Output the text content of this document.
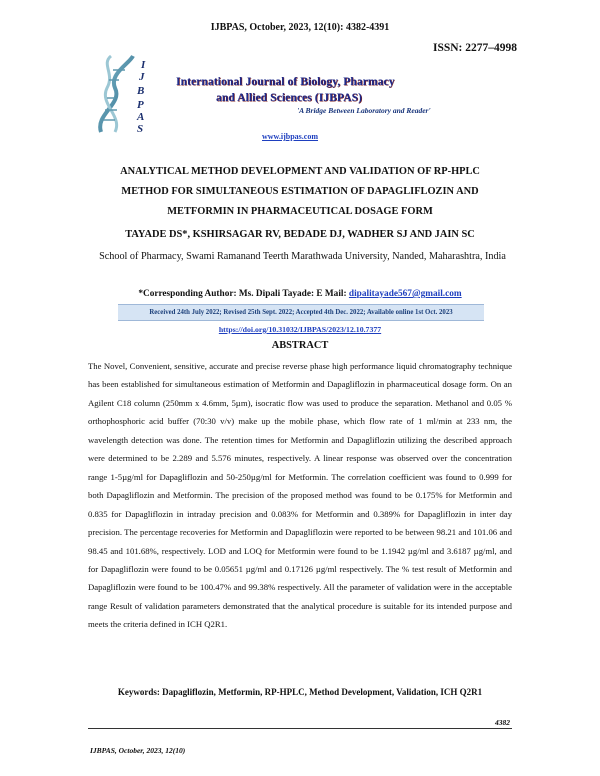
IJBPAS, October, 2023, 12(10): 4382-4391
ISSN: 2277–4998
I
J
B
P
A
S
International Journal of Biology, Pharmacy
and Allied Sciences (IJBPAS)
'A Bridge Between Laboratory and Reader'
www.ijbpas.com
ANALYTICAL METHOD DEVELOPMENT AND VALIDATION OF RP-HPLC METHOD FOR SIMULTANEOUS ESTIMATION OF DAPAGLIFLOZIN AND METFORMIN IN PHARMACEUTICAL DOSAGE FORM
TAYADE DS*, KSHIRSAGAR RV, BEDADE DJ, WADHER SJ AND JAIN SC
School of Pharmacy, Swami Ramanand Teerth Marathwada University, Nanded, Maharashtra, India
*Corresponding Author: Ms. Dipali Tayade: E Mail: dipalitayade567@gmail.com
Received 24th July 2022; Revised 25th Sept. 2022; Accepted 4th Dec. 2022; Available online 1st Oct. 2023
https://doi.org/10.31032/IJBPAS/2023/12.10.7377
ABSTRACT
The Novel, Convenient, sensitive, accurate and precise reverse phase high performance liquid chromatography technique has been established for simultaneous estimation of Metformin and Dapagliflozin in pharmaceutical dosage form. On an Agilent C18 column (250mm x 4.6mm, 5µm), isocratic flow was used to produce the separation. Methanol and 0.05 % orthophosphoric acid buffer (70:30 v/v) make up the mobile phase, which flow rate of 1 ml/min at 233 nm, the wavelength detection was done. The retention times for Metformin and Dapagliflozin utilizing the described approach were determined to be 2.289 and 5.576 minutes, respectively. A linear response was observed over the concentration range 1-5µg/ml for Dapagliflozin and 50-250µg/ml for Metformin. The correlation coefficient was found to 0.999 for both Dapagliflozin and Metformin. The precision of the proposed method was found to be 0.175% for Metformin and 0.835 for Dapagliflozin in intraday precision and 0.083% for Metformin and 0.389% for Dapagliflozin in inter day precision. The percentage recoveries for Metformin and Dapagliflozin were reported to be between 98.21 and 101.06 and 98.45 and 101.68%, respectively. LOD and LOQ for Metformin were found to be 1.1942 µg/ml and 3.6187 µg/ml, and for Dapagliflozin were found to be 0.05651 µg/ml and 0.17126 µg/ml respectively. The % test result of Metformin and Dapagliflozin were found to be 100.47% and 99.38% respectively. All the parameter of validation were in the acceptable range Result of validation parameters demonstrated that the analytical procedure is suitable for its intended purpose and meets the criteria defined in ICH Q2R1.
Keywords: Dapagliflozin, Metformin, RP-HPLC, Method Development, Validation, ICH Q2R1
4382
IJBPAS, October, 2023, 12(10)
